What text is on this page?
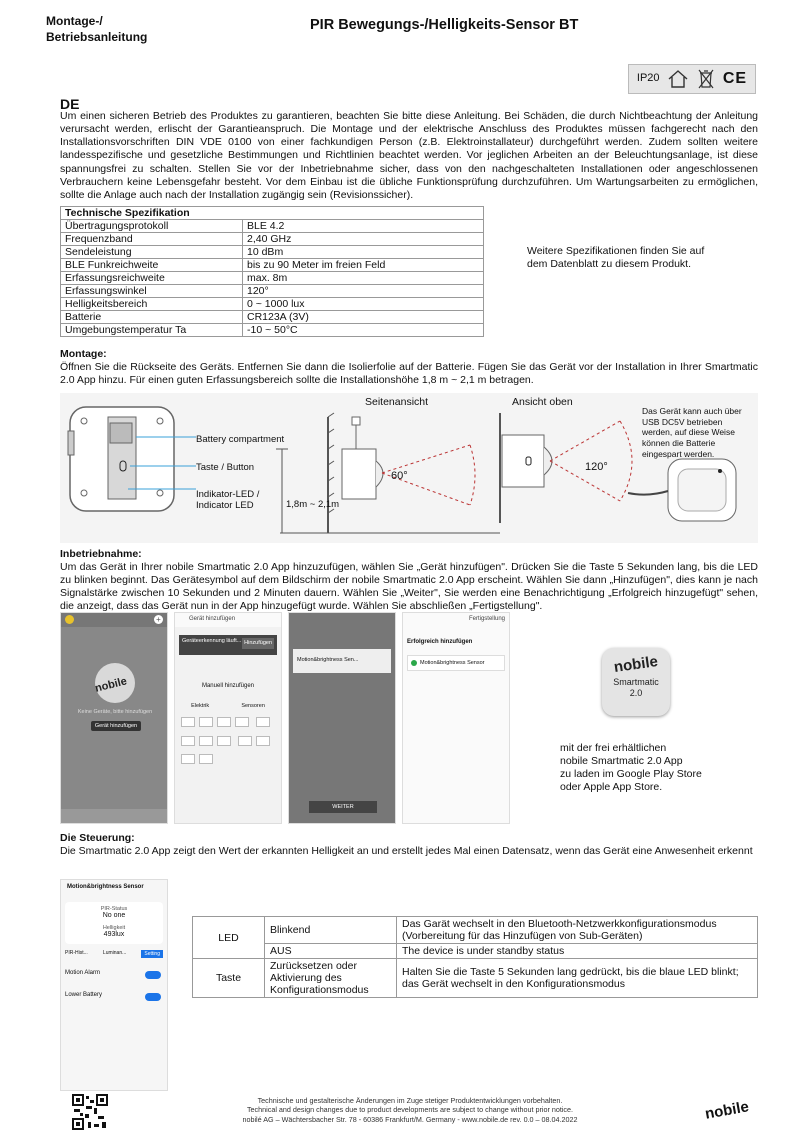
Montage-/
Betriebsanleitung
PIR Bewegungs-/Helligkeits-Sensor BT
IP20	CE
DE
Um einen sicheren Betrieb des Produktes zu garantieren, beachten Sie bitte diese Anleitung. Bei Schäden, die durch Nichtbeachtung der Anleitung verursacht werden, erlischt der Garantieanspruch. Die Montage und der elektrische Anschluss des Produktes müssen fachgerecht nach den Installationsvorschriften DIN VDE 0100 von einer fachkundigen Person (z.B. Elektroinstallateur) durchgeführt werden. Zudem sollten weitere landesspezifische und gesetzliche Bestimmungen und Richtlinien beachtet werden. Vor jeglichen Arbeiten an der Beleuchtungsanlage, ist diese spannungsfrei zu schalten. Stellen Sie vor der Inbetriebnahme sicher, dass von den nachgeschalteten Installationen oder angeschlossenen Verbrauchern keine Lebensgefahr besteht. Vor dem Einbau ist die übliche Funktionsprüfung durchzuführen. Um Wartungsarbeiten zu ermöglichen, sollte die Anlage auch nach der Installation zugängig sein (Revisionssicher).
Technische Spezifikation	
Übertragungsprotokoll	BLE 4.2
Frequenzband	2,40 GHz
Sendeleistung	10 dBm
BLE Funkreichweite	bis zu 90 Meter im freien Feld
Erfassungsreichweite	max. 8m
Erfassungswinkel	120°
Helligkeitsbereich	0 ~ 1000 lux
Batterie	CR123A (3V)
Umgebungstemperatur Ta	-10 ~ 50°C
Weitere Spezifikationen finden Sie auf dem Datenblatt zu diesem Produkt.
Montage:
Öffnen Sie die Rückseite des Geräts. Entfernen Sie dann die Isolierfolie auf der Batterie. Fügen Sie das Gerät vor der Installation in Ihrer Smartmatic 2.0 App hinzu. Für einen guten Erfassungsbereich sollte die Installationshöhe 1,8 m ~ 2,1 m betragen.
Battery compartment
Taste / Button
Indikator-LED /
Indicator LED
Seitenansicht	Ansicht oben
60°
120°
1,8m ~ 2,1m
Das Gerät kann auch über USB DC5V betrieben werden, auf diese Weise können die Batterie eingespart werden.
Inbetriebnahme:
Um das Gerät in Ihrer nobile Smartmatic 2.0 App hinzuzufügen, wählen Sie „Gerät hinzufügen". Drücken Sie die Taste 5 Sekunden lang, bis die LED zu blinken beginnt. Das Gerätesymbol auf dem Bildschirm der nobile Smartmatic 2.0 App erscheint. Wählen Sie dann „Hinzufügen", dies kann je nach Signalstärke zwischen 10 Sekunden und 2 Minuten dauern. Wählen Sie „Weiter", Sie werden eine Benachrichtigung „Erfolgreich hinzugefügt" sehen, die anzeigt, dass das Gerät nun in der App hinzugefügt wurde. Wählen Sie abschließen „Fertigstellung".
+
nobile
Keine Geräte, bitte hinzufügen
Gerät hinzufügen
Gerät hinzufügen
Geräteerkennung läuft... Hinzufügen
Manuell hinzufügen
Elektrik	Sensoren

Motion&brightness Sen...
WEITER
Fertigstellung
Erfolgreich hinzufügen
Motion&brightness Sensor	nobile
Smartmatic
2.0
mit der frei erhältlichen
nobile Smartmatic 2.0 App
zu laden im Google Play Store
oder Apple App Store.
Die Steuerung:
Die Smartmatic 2.0 App zeigt den Wert der erkannten Helligkeit an und erstellt jedes Mal einen Datensatz, wenn das Gerät eine Anwesenheit erkennt
Motion&brightness Sensor
PIR-Status
No one
Helligkeit
493lux
PIR-Hist...	Luminan...	Setting
Motion Alarm
Lower Battery
LED	Blinkend	Das Garät wechselt in den Bluetooth-Netzwerkkonfigurationsmodus (Vorbereitung für das Hinzufügen von Sub-Geräten)
	AUS	The device is under standby status
Taste	Zurücksetzen oder Aktivierung des Konfigurationsmodus	Halten Sie die Taste 5 Sekunden lang gedrückt, bis die blaue LED blinkt; das Gerät wechselt in den Konfigurationsmodus
Technische und gestalterische Änderungen im Zuge stetiger Produktentwicklungen vorbehalten.
Technical and design changes due to product developments are subject to change without prior notice.
nobilé AG – Wächtersbacher Str. 78 - 60386 Frankfurt/M. Germany - www.nobile.de rev. 0.0 – 08.04.2022	nobile
